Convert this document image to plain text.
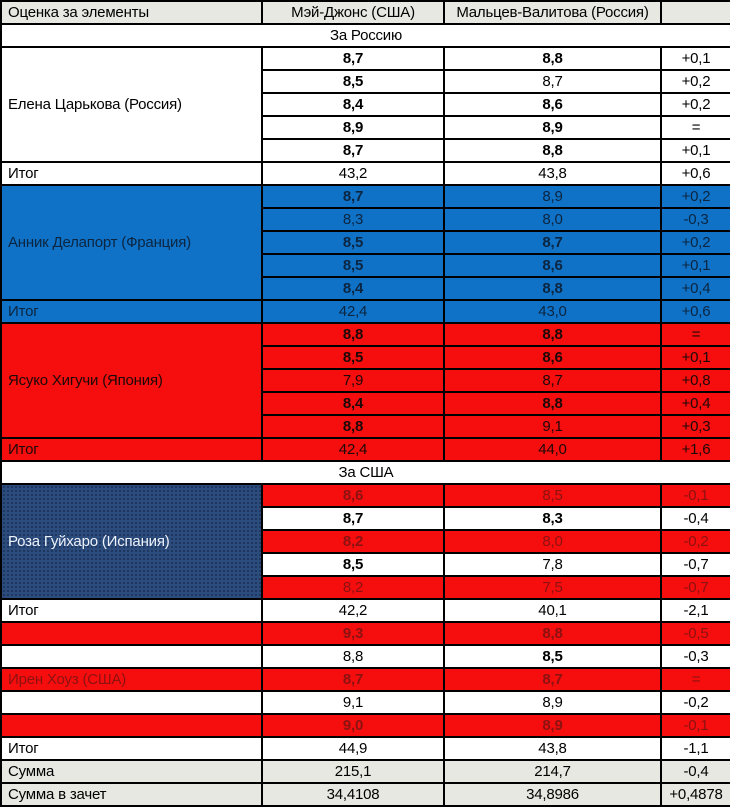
Оценка за элементы	Мэй-Джонс (США)	Мальцев-Валитова (Россия)	
За Россию			
Елена Царькова (Россия)	8,7	8,8	+0,1
	8,5	8,7	+0,2
	8,4	8,6	+0,2
	8,9	8,9	=
	8,7	8,8	+0,1
Итог	43,2	43,8	+0,6
Анник Делапорт (Франция)	8,7	8,9	+0,2
	8,3	8,0	-0,3
	8,5	8,7	+0,2
	8,5	8,6	+0,1
	8,4	8,8	+0,4
Итог	42,4	43,0	+0,6
Ясуко Хигучи (Япония)	8,8	8,8	=
	8,5	8,6	+0,1
	7,9	8,7	+0,8
	8,4	8,8	+0,4
	8,8	9,1	+0,3
Итог	42,4	44,0	+1,6
За США			
Роза Гуйхаро (Испания)	8,6	8,5	-0,1
	8,7	8,3	-0,4
	8,2	8,0	-0,2
	8,5	7,8	-0,7
	8,2	7,5	-0,7
Итог	42,2	40,1	-2,1
	9,3	8,8	-0,5
	8,8	8,5	-0,3
Ирен Хоуз (США)	8,7	8,7	=
	9,1	8,9	-0,2
	9,0	8,9	-0,1
Итог	44,9	43,8	-1,1
Сумма	215,1	214,7	-0,4
Сумма в зачет	34,4108	34,8986	+0,4878
